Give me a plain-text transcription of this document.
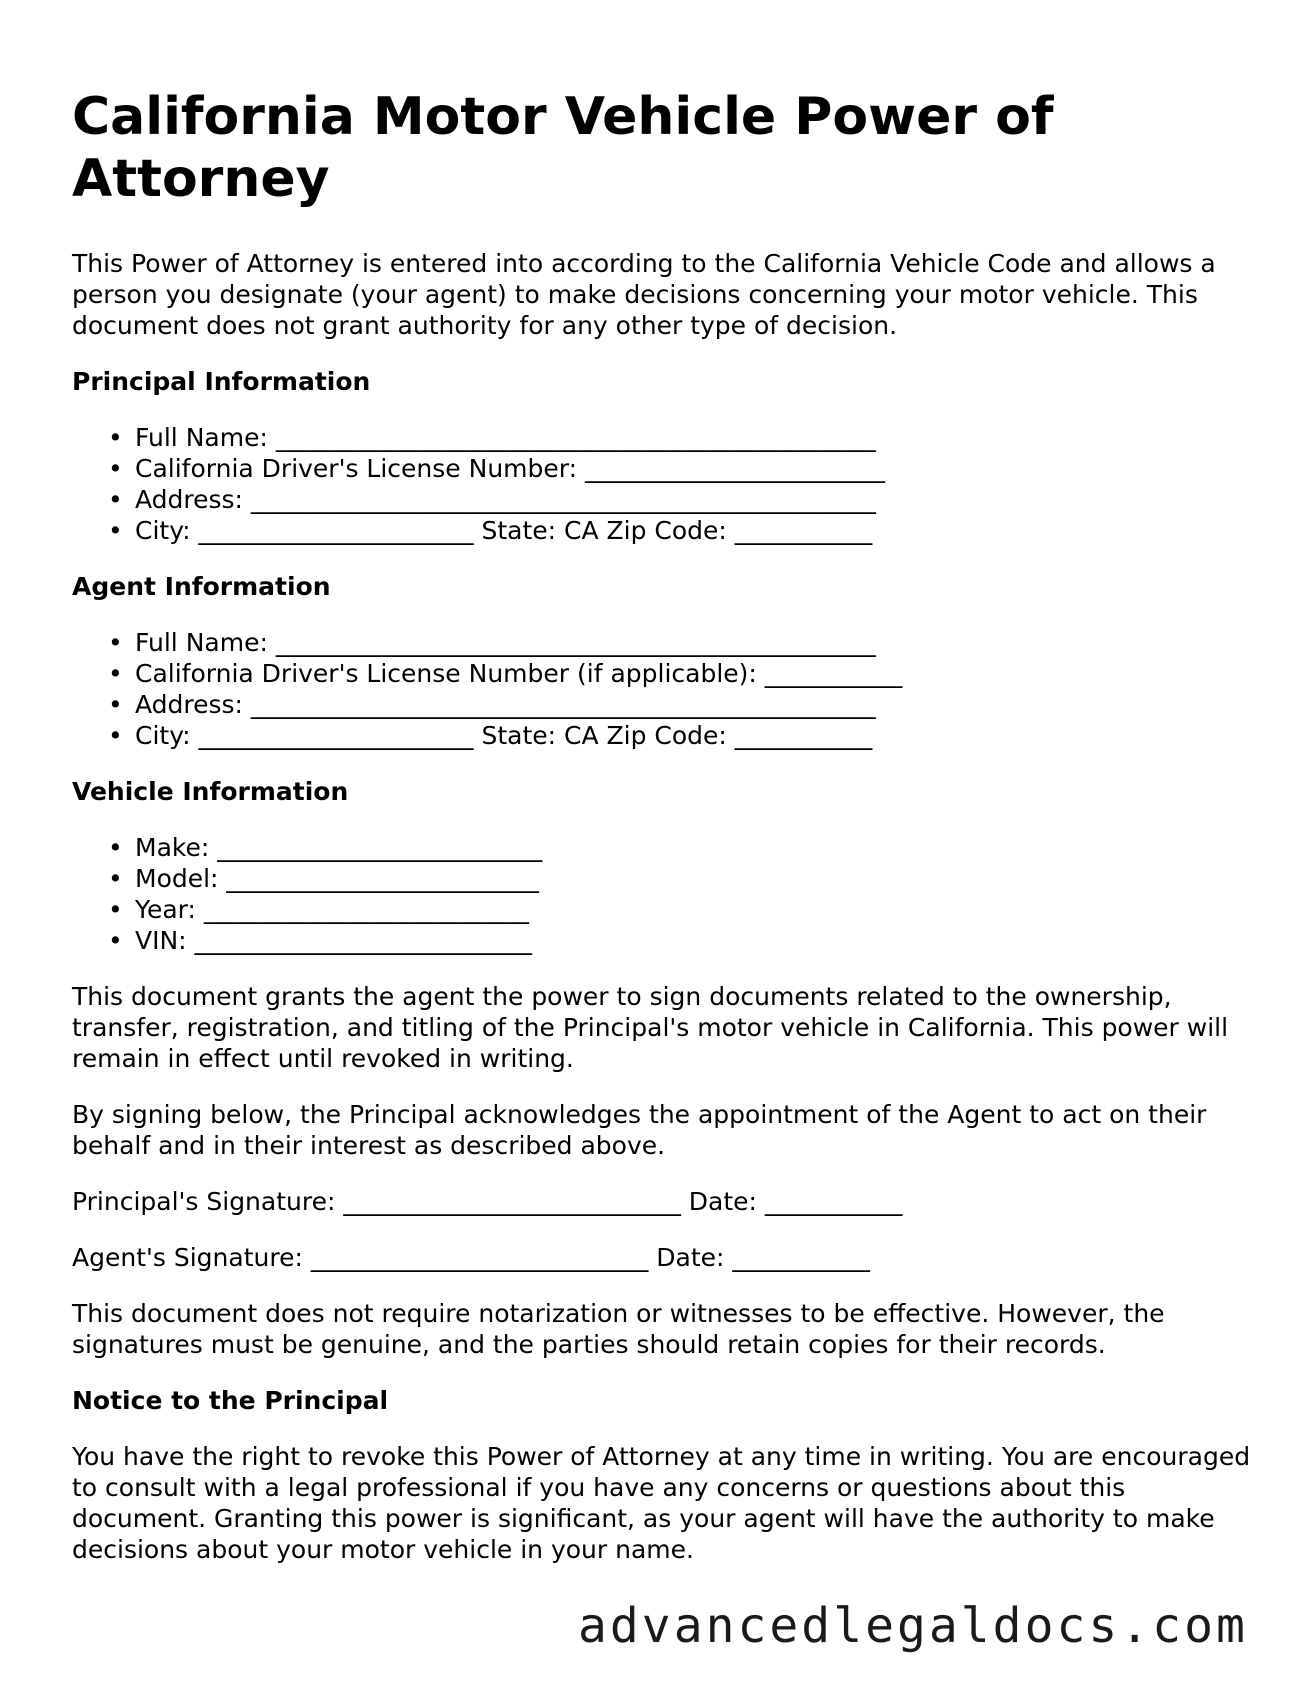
California Motor Vehicle Power of Attorney

This Power of Attorney is entered into according to the California Vehicle Code and allows a person you designate (your agent) to make decisions concerning your motor vehicle. This document does not grant authority for any other type of decision.

Principal Information
• Full Name: ________________________________________________
• California Driver's License Number: ________________________
• Address: __________________________________________________
• City: ______________________ State: CA Zip Code: ___________
Agent Information
• Full Name: ________________________________________________
• California Driver's License Number (if applicable): ___________
• Address: __________________________________________________
• City: ______________________ State: CA Zip Code: ___________
Vehicle Information
• Make: __________________________
• Model: _________________________
• Year: __________________________
• VIN: ___________________________

This document grants the agent the power to sign documents related to the ownership, transfer, registration, and titling of the Principal's motor vehicle in California. This power will remain in effect until revoked in writing.

By signing below, the Principal acknowledges the appointment of the Agent to act on their behalf and in their interest as described above.

Principal's Signature: ___________________________ Date: ___________
Agent's Signature: ___________________________ Date: ___________

This document does not require notarization or witnesses to be effective. However, the signatures must be genuine, and the parties should retain copies for their records.

Notice to the Principal

You have the right to revoke this Power of Attorney at any time in writing. You are encouraged to consult with a legal professional if you have any concerns or questions about this document. Granting this power is significant, as your agent will have the authority to make decisions about your motor vehicle in your name.

advancedlegaldocs.com
